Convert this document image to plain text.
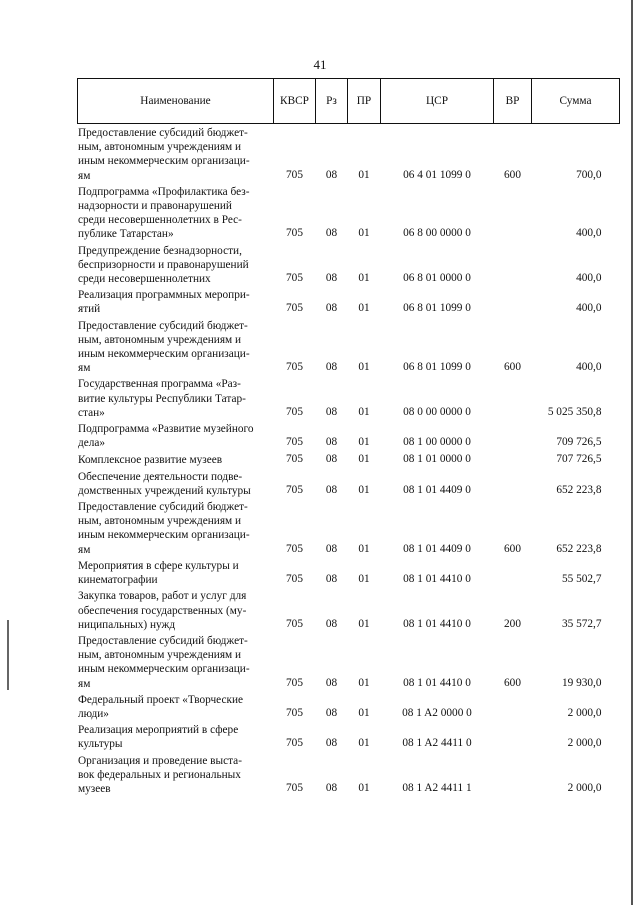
41
Наименование	КВСР	Рз	ПР	ЦСР	ВР	Сумма

Предоставление субсидий бюджет-
ным, автономным учреждениям и
иным некоммерческим организаци-
ям	705	08	01	06 4 01 1099 0	600	700,0

Подпрограмма «Профилактика без-
надзорности и правонарушений
среди несовершеннолетних в Рес-
публике Татарстан»	705	08	01	06 8 00 0000 0		400,0

Предупреждение безнадзорности,
беспризорности и правонарушений
среди несовершеннолетних	705	08	01	06 8 01 0000 0		400,0

Реализация программных меропри-
ятий	705	08	01	06 8 01 1099 0		400,0

Предоставление субсидий бюджет-
ным, автономным учреждениям и
иным некоммерческим организаци-
ям	705	08	01	06 8 01 1099 0	600	400,0

Государственная программа «Раз-
витие культуры Республики Татар-
стан»	705	08	01	08 0 00 0000 0		5 025 350,8

Подпрограмма «Развитие музейного
дела»	705	08	01	08 1 00 0000 0		709 726,5

Комплексное развитие музеев	705	08	01	08 1 01 0000 0		707 726,5

Обеспечение деятельности подве-
домственных учреждений культуры	705	08	01	08 1 01 4409 0		652 223,8

Предоставление субсидий бюджет-
ным, автономным учреждениям и
иным некоммерческим организаци-
ям	705	08	01	08 1 01 4409 0	600	652 223,8

Мероприятия в сфере культуры и
кинематографии	705	08	01	08 1 01 4410 0		55 502,7

Закупка товаров, работ и услуг для
обеспечения государственных (му-
ниципальных) нужд	705	08	01	08 1 01 4410 0	200	35 572,7

Предоставление субсидий бюджет-
ным, автономным учреждениям и
иным некоммерческим организаци-
ям	705	08	01	08 1 01 4410 0	600	19 930,0

Федеральный проект «Творческие
люди»	705	08	01	08 1 A2 0000 0		2 000,0

Реализация мероприятий в сфере
культуры	705	08	01	08 1 A2 4411 0		2 000,0

Организация и проведение выста-
вок федеральных и региональных
музеев	705	08	01	08 1 A2 4411 1		2 000,0
